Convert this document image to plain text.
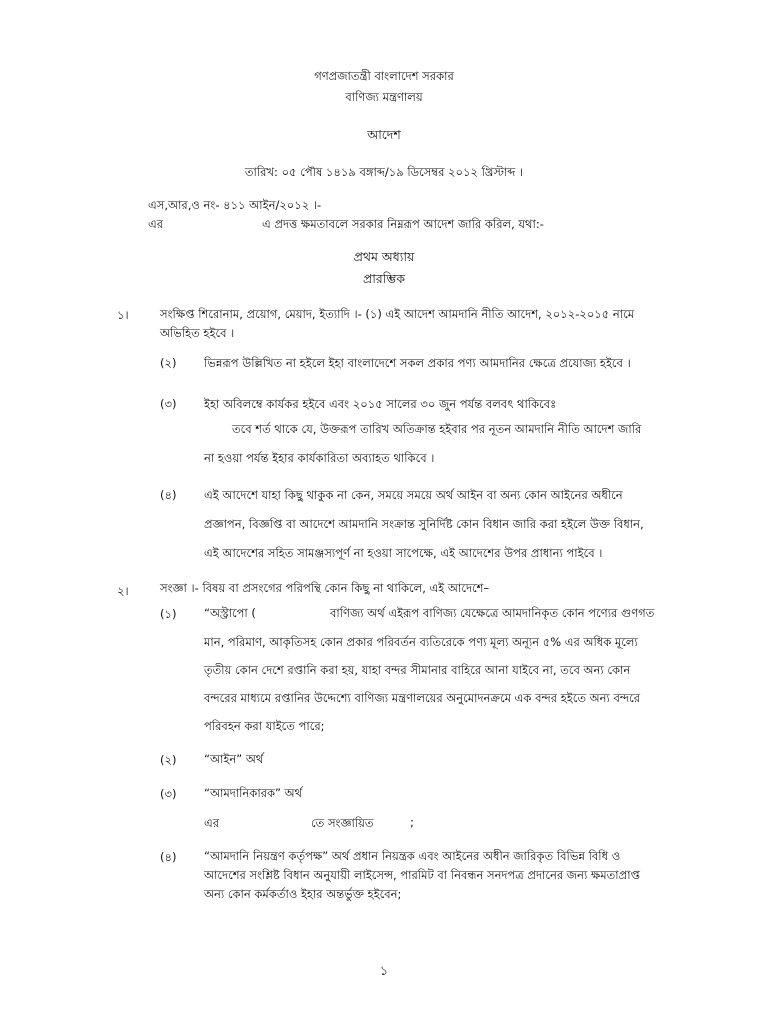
গণপ্রজাতন্ত্রী বাংলাদেশ সরকার
বাণিজ্য মন্ত্রণালয়
আদেশ
তারিখ: ০৫ পৌষ ১৪১৯ বঙ্গাব্দ/১৯ ডিসেম্বর ২০১২ খ্রিস্টাব্দ ।
এস,আর,ও নং- ৪১১ আইন/২০১২ ।-
এর	এ প্রদত্ত ক্ষমতাবলে সরকার নিম্নরূপ আদেশ জারি করিল, যথা:-
প্রথম অধ্যায়
প্রারম্ভিক
১।	সংক্ষিপ্ত শিরোনাম, প্রয়োগ, মেয়াদ, ইত্যাদি ।- (১) এই আদেশ আমদানি নীতি আদেশ, ২০১২-২০১৫ নামে অভিহিত হইবে ।
(২) ভিন্নরূপ উল্লিখিত না হইলে ইহা বাংলাদেশে সকল প্রকার পণ্য আমদানির ক্ষেত্রে প্রযোজ্য হইবে ।
(৩) ইহা অবিলম্বে কার্যকর হইবে এবং ২০১৫ সালের ৩০ জুন পর্যন্ত বলবৎ থাকিবেঃ
তবে শর্ত থাকে যে, উক্তরূপ তারিখ অতিক্রান্ত হইবার পর নূতন আমদানি নীতি আদেশ জারি
না হওয়া পর্যন্ত ইহার কার্যকারিতা অব্যাহত থাকিবে ।
(৪) এই আদেশে যাহা কিছু থাকুক না কেন, সময়ে সময়ে অর্থ আইন বা অন্য কোন আইনের অধীনে
প্রজ্ঞাপন, বিজ্ঞপ্তি বা আদেশে আমদানি সংক্রান্ত সুনির্দিষ্ট কোন বিধান জারি করা হইলে উক্ত বিধান,
এই আদেশের সহিত সামঞ্জস্যপূর্ণ না হওয়া সাপেক্ষে, এই আদেশের উপর প্রাধান্য পাইবে ।
২।	সংজ্ঞা ।- বিষয় বা প্রসংগের পরিপন্থি কোন কিছু না থাকিলে, এই আদেশে–
(১) “অস্ট্রাপো (	বাণিজ্য অর্থ এইরূপ বাণিজ্য যেক্ষেত্রে আমদানিকৃত কোন পণ্যের গুণগত
মান, পরিমাণ, আকৃতিসহ কোন প্রকার পরিবর্তন ব্যতিরেকে পণ্য মূল্য অন্যূন ৫% এর অধিক মূল্যে
তৃতীয় কোন দেশে রপ্তানি করা হয়, যাহা বন্দর সীমানার বাহিরে আনা যাইবে না, তবে অন্য কোন
বন্দরের মাধ্যমে রপ্তানির উদ্দেশ্যে বাণিজ্য মন্ত্রণালয়ের অনুমোদনক্রমে এক বন্দর হইতে অন্য বন্দরে
পরিবহন করা যাইতে পারে;
(২) “আইন” অর্থ
(৩) “আমদানিকারক” অর্থ
এর	তে সংজ্ঞায়িত	;
(৪) “আমদানি নিয়ন্ত্রণ কর্তৃপক্ষ” অর্থ প্রধান নিয়ন্ত্রক এবং আইনের অধীন জারিকৃত বিভিন্ন বিধি ও
আদেশের সংশ্লিষ্ট বিধান অনুযায়ী লাইসেন্স, পারমিট বা নিবন্ধন সনদপত্র প্রদানের জন্য ক্ষমতাপ্রাপ্ত
অন্য কোন কর্মকর্তাও ইহার অন্তর্ভুক্ত হইবেন;
১
